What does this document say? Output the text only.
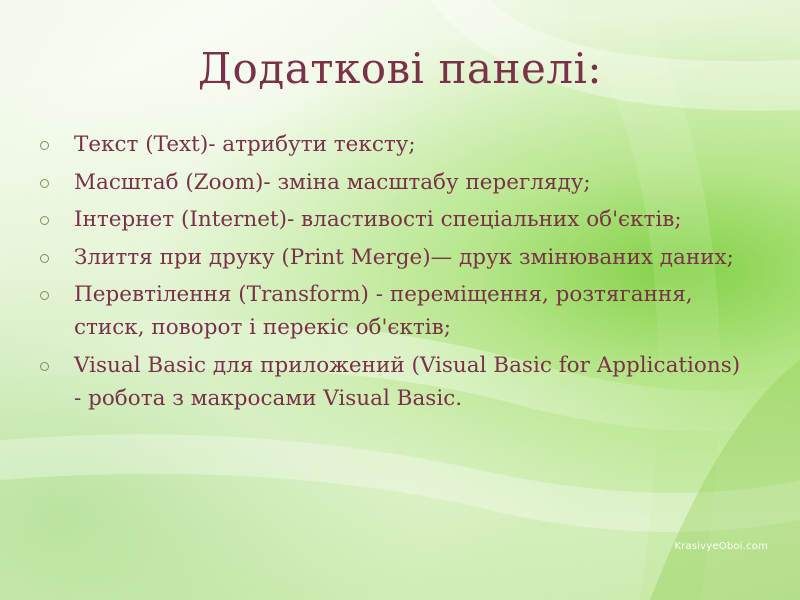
Додаткові панелі:
Текст (Text)- атрибути тексту;
Масштаб (Zoom)- зміна масштабу перегляду;
Інтернет (Internet)- властивості спеціальних об'єктів;
Злиття при друку (Print Merge)— друк змінюваних даних;
Перевтілення (Transform) - переміщення, розтягання, стиск, поворот і перекіс об'єктів;
Visual Basic для приложений (Visual Basic for Applications) - робота з макросами Visual Basic.
KrasivyeOboi.com
